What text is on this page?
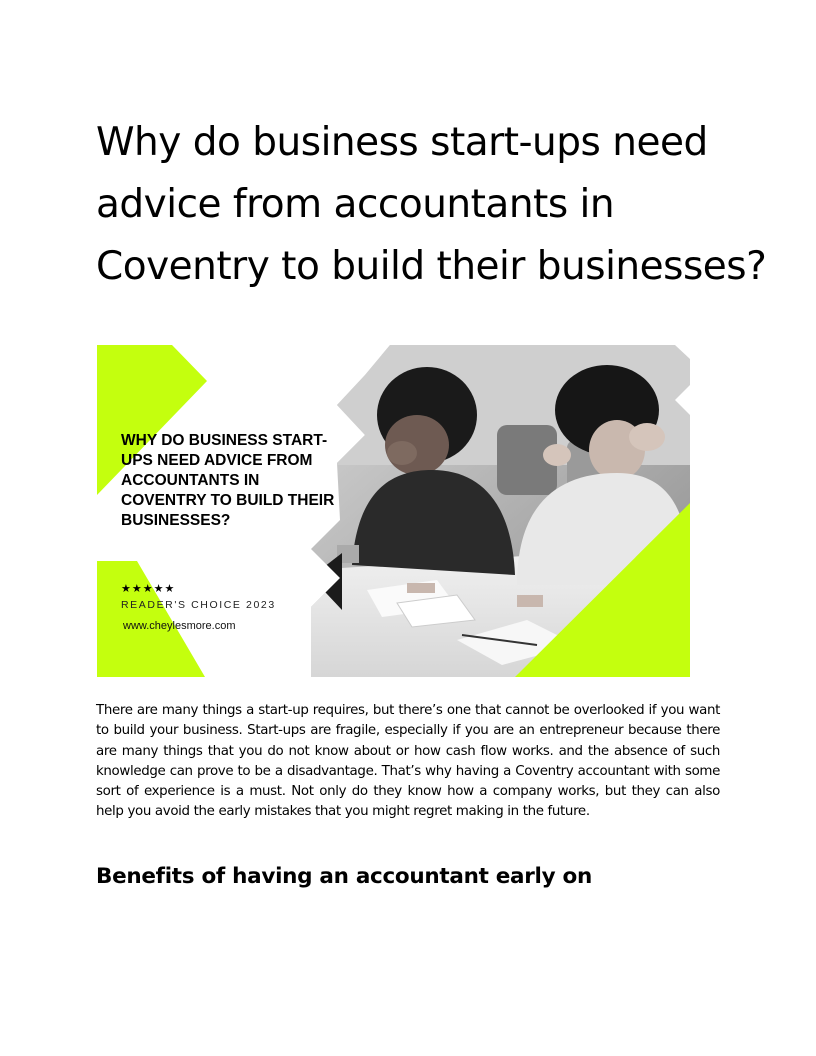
Why do business start-ups need
advice from accountants in
Coventry to build their businesses?
WHY DO BUSINESS START-
UPS NEED ADVICE FROM
ACCOUNTANTS IN
COVENTRY TO BUILD THEIR
BUSINESSES?
★★★★★
READER'S CHOICE 2023
www.cheylesmore.com

There are many things a start-up requires, but there’s one that cannot be overlooked if you want to build your business. Start-ups are fragile, especially if you are an entrepreneur because there are many things that you do not know about or how cash flow works. and the absence of such knowledge can prove to be a disadvantage. That’s why having a Coventry accountant with some sort of experience is a must. Not only do they know how a company works, but they can also help you avoid the early mistakes that you might regret making in the future.

Benefits of having an accountant early on
